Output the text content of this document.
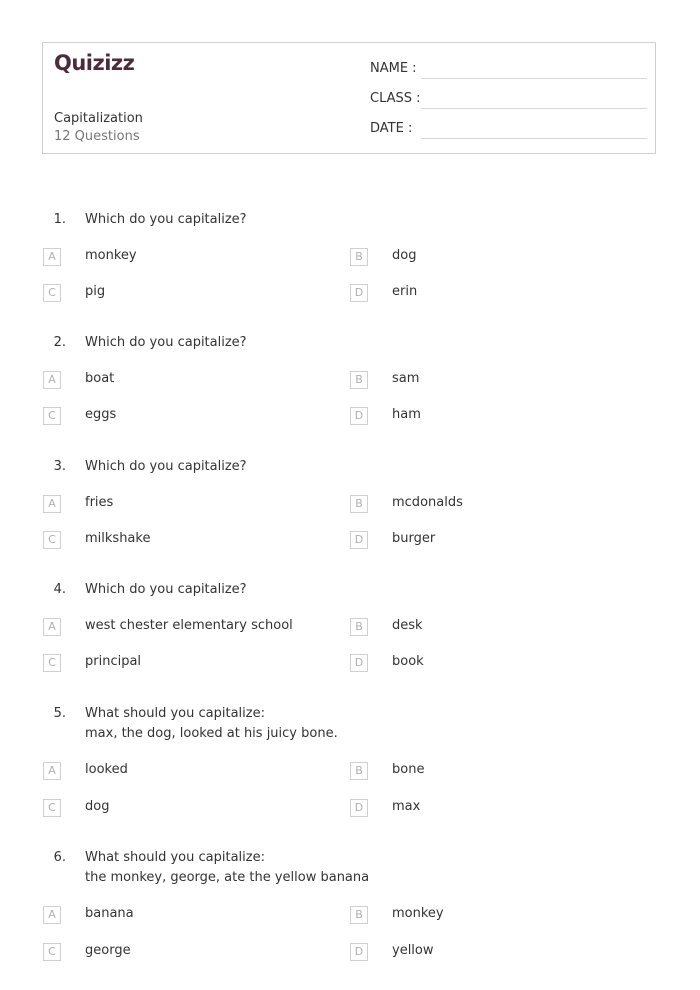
Quizizz
Capitalization
12 Questions
NAME :
CLASS :
DATE :
1. Which do you capitalize?
A	monkey	B	dog
C	pig	D	erin
2. Which do you capitalize?
A	boat	B	sam
C	eggs	D	ham
3. Which do you capitalize?
A	fries	B	mcdonalds
C	milkshake	D	burger
4. Which do you capitalize?
A	west chester elementary school	B	desk
C	principal	D	book
5. What should you capitalize:
max, the dog, looked at his juicy bone.
A	looked	B	bone
C	dog	D	max
6. What should you capitalize:
the monkey, george, ate the yellow banana
A	banana	B	monkey
C	george	D	yellow
